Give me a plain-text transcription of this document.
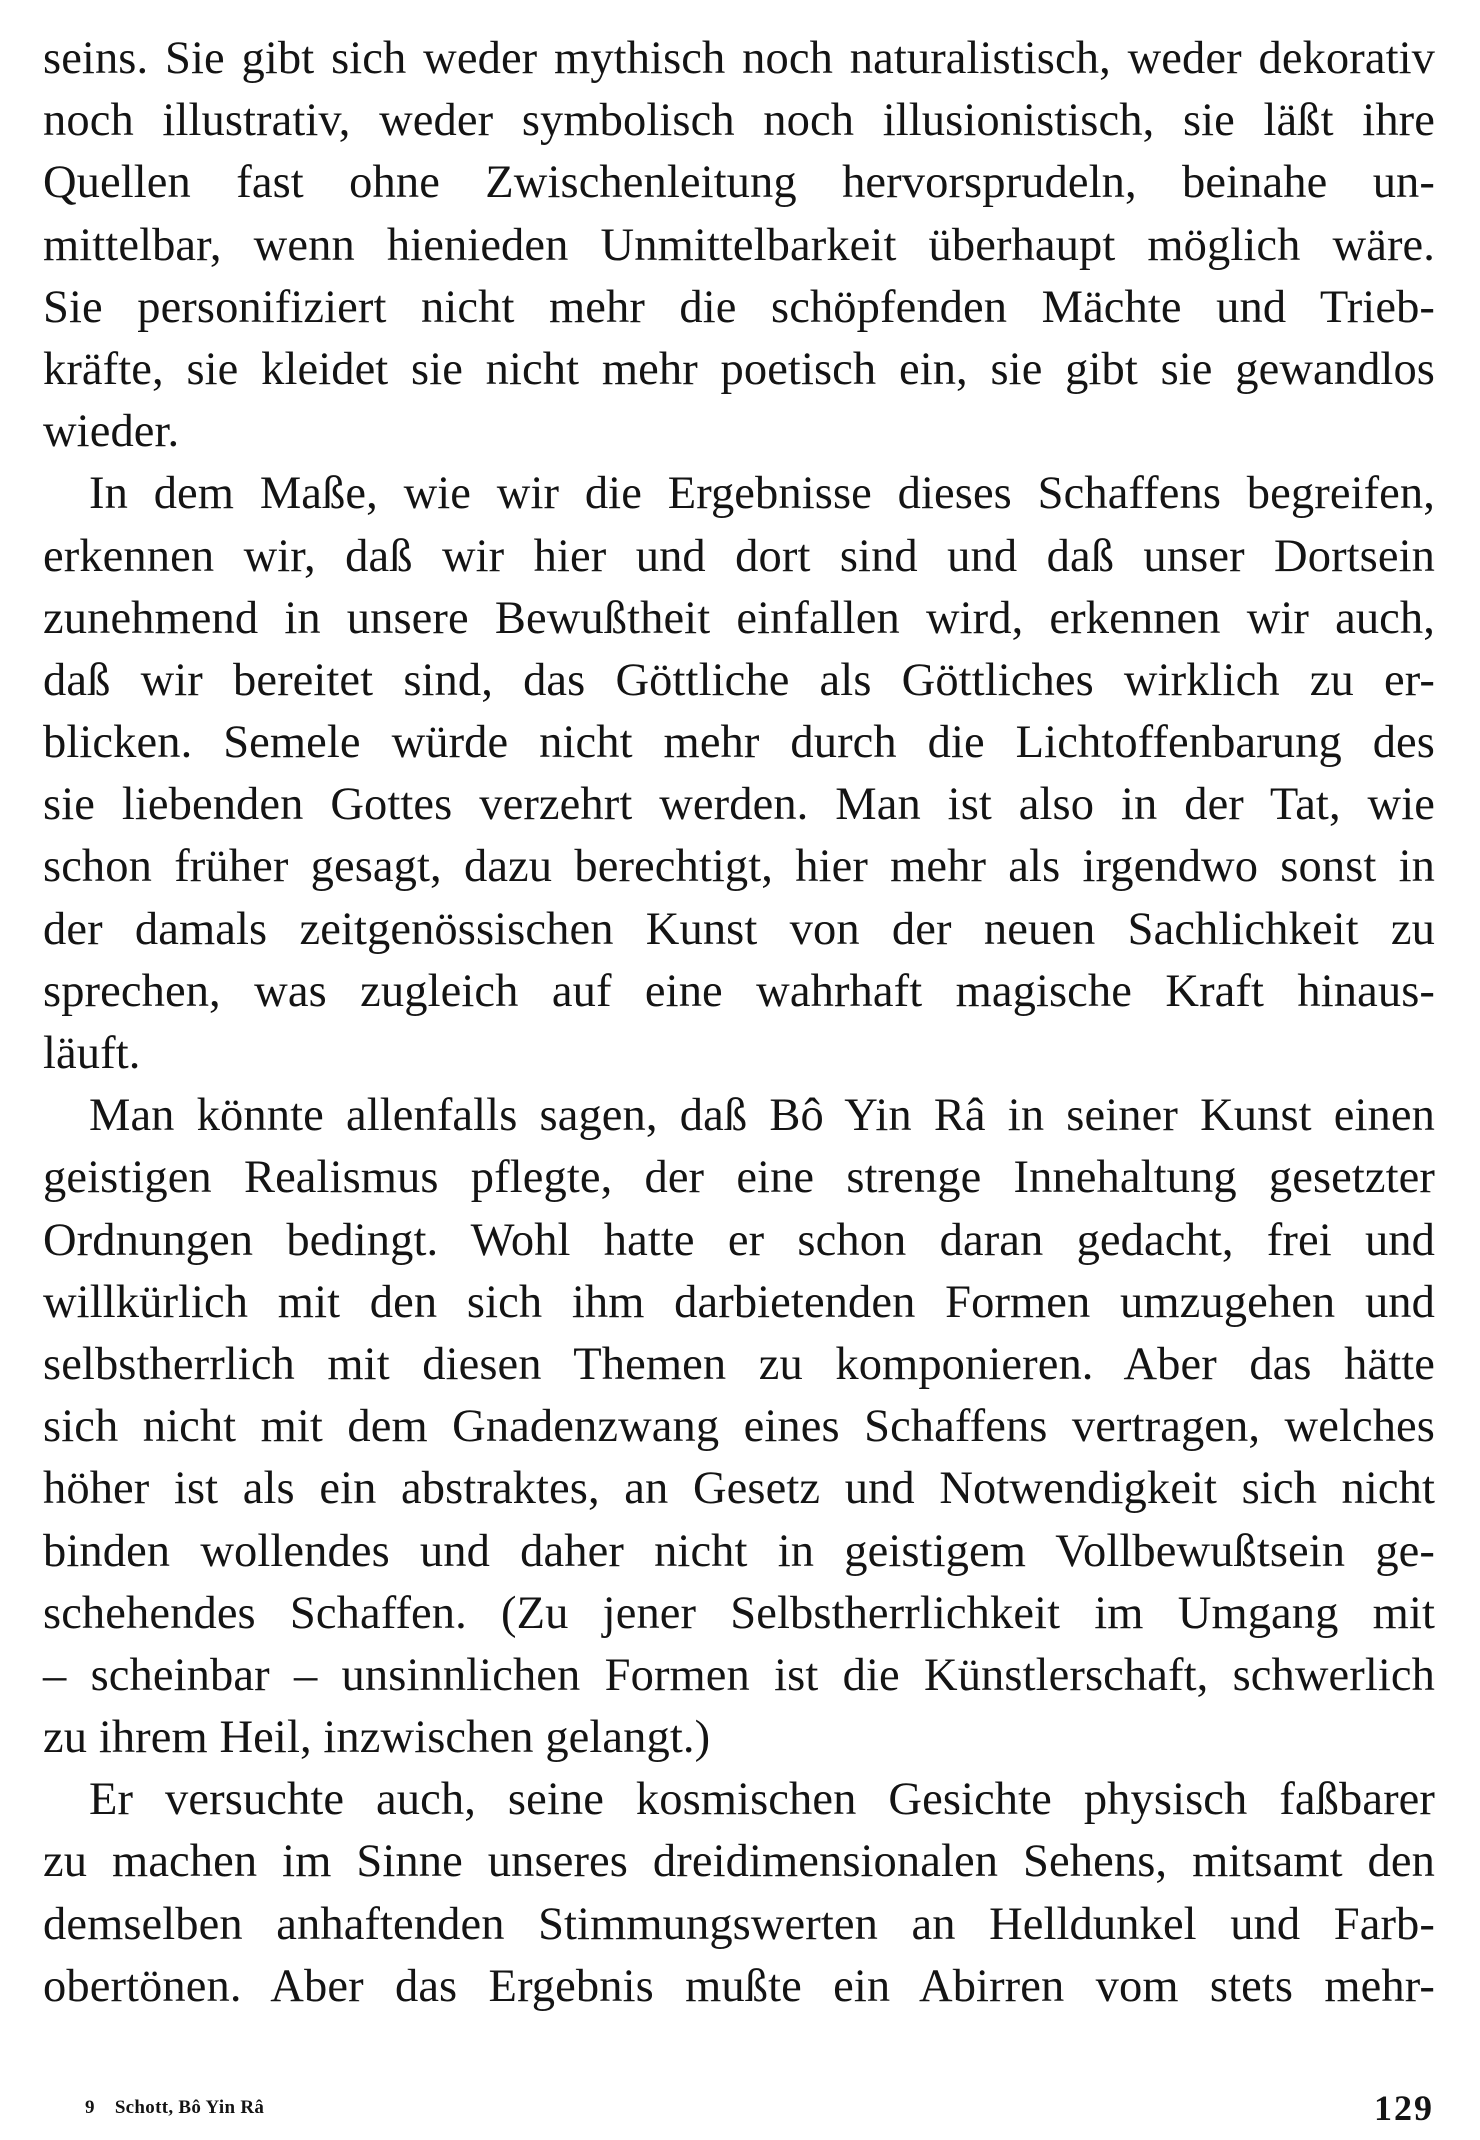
seins. Sie gibt sich weder mythisch noch naturalistisch, weder dekorativ
noch illustrativ, weder symbolisch noch illusionistisch, sie läßt ihre
Quellen fast ohne Zwischenleitung hervorsprudeln, beinahe un-
mittelbar, wenn hienieden Unmittelbarkeit überhaupt möglich wäre.
Sie personifiziert nicht mehr die schöpfenden Mächte und Trieb-
kräfte, sie kleidet sie nicht mehr poetisch ein, sie gibt sie gewandlos
wieder.
In dem Maße, wie wir die Ergebnisse dieses Schaffens begreifen,
erkennen wir, daß wir hier und dort sind und daß unser Dortsein
zunehmend in unsere Bewußtheit einfallen wird, erkennen wir auch,
daß wir bereitet sind, das Göttliche als Göttliches wirklich zu er-
blicken. Semele würde nicht mehr durch die Lichtoffenbarung des
sie liebenden Gottes verzehrt werden. Man ist also in der Tat, wie
schon früher gesagt, dazu berechtigt, hier mehr als irgendwo sonst in
der damals zeitgenössischen Kunst von der neuen Sachlichkeit zu
sprechen, was zugleich auf eine wahrhaft magische Kraft hinaus-
läuft.
Man könnte allenfalls sagen, daß Bô Yin Râ in seiner Kunst einen
geistigen Realismus pflegte, der eine strenge Innehaltung gesetzter
Ordnungen bedingt. Wohl hatte er schon daran gedacht, frei und
willkürlich mit den sich ihm darbietenden Formen umzugehen und
selbstherrlich mit diesen Themen zu komponieren. Aber das hätte
sich nicht mit dem Gnadenzwang eines Schaffens vertragen, welches
höher ist als ein abstraktes, an Gesetz und Notwendigkeit sich nicht
binden wollendes und daher nicht in geistigem Vollbewußtsein ge-
schehendes Schaffen. (Zu jener Selbstherrlichkeit im Umgang mit
– scheinbar – unsinnlichen Formen ist die Künstlerschaft, schwerlich
zu ihrem Heil, inzwischen gelangt.)
Er versuchte auch, seine kosmischen Gesichte physisch faßbarer
zu machen im Sinne unseres dreidimensionalen Sehens, mitsamt den
demselben anhaftenden Stimmungswerten an Helldunkel und Farb-
obertönen. Aber das Ergebnis mußte ein Abirren vom stets mehr-
9 Schott, Bô Yin Râ	129
